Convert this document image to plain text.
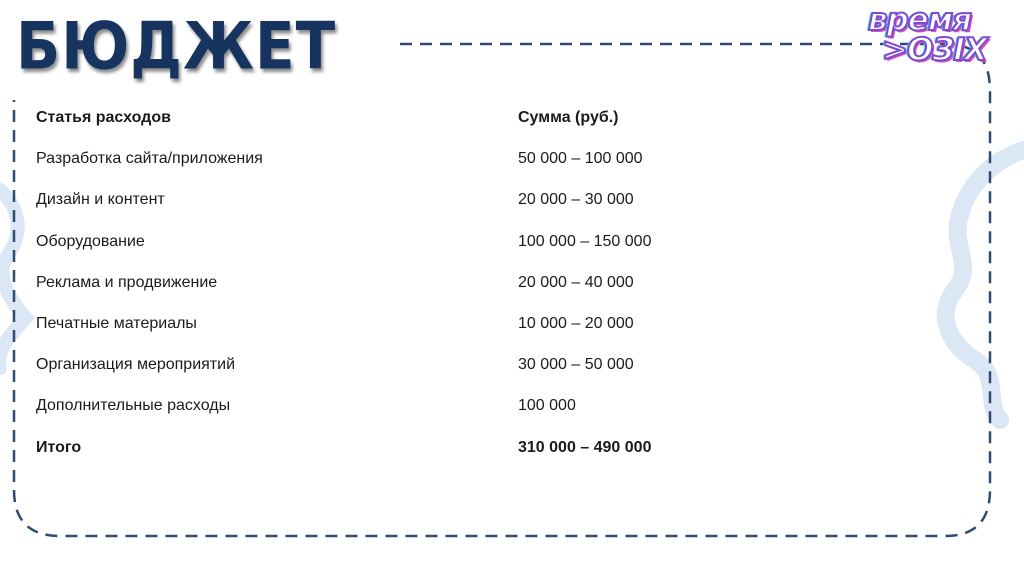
БЮДЖЕТ	время
>OЗIX
Статья расходов	Сумма (руб.)
Разработка сайта/приложения	50 000 – 100 000
Дизайн и контент	20 000 – 30 000
Оборудование	100 000 – 150 000
Реклама и продвижение	20 000 – 40 000
Печатные материалы	10 000 – 20 000
Организация мероприятий	30 000 – 50 000
Дополнительные расходы	100 000
Итого	310 000 – 490 000
